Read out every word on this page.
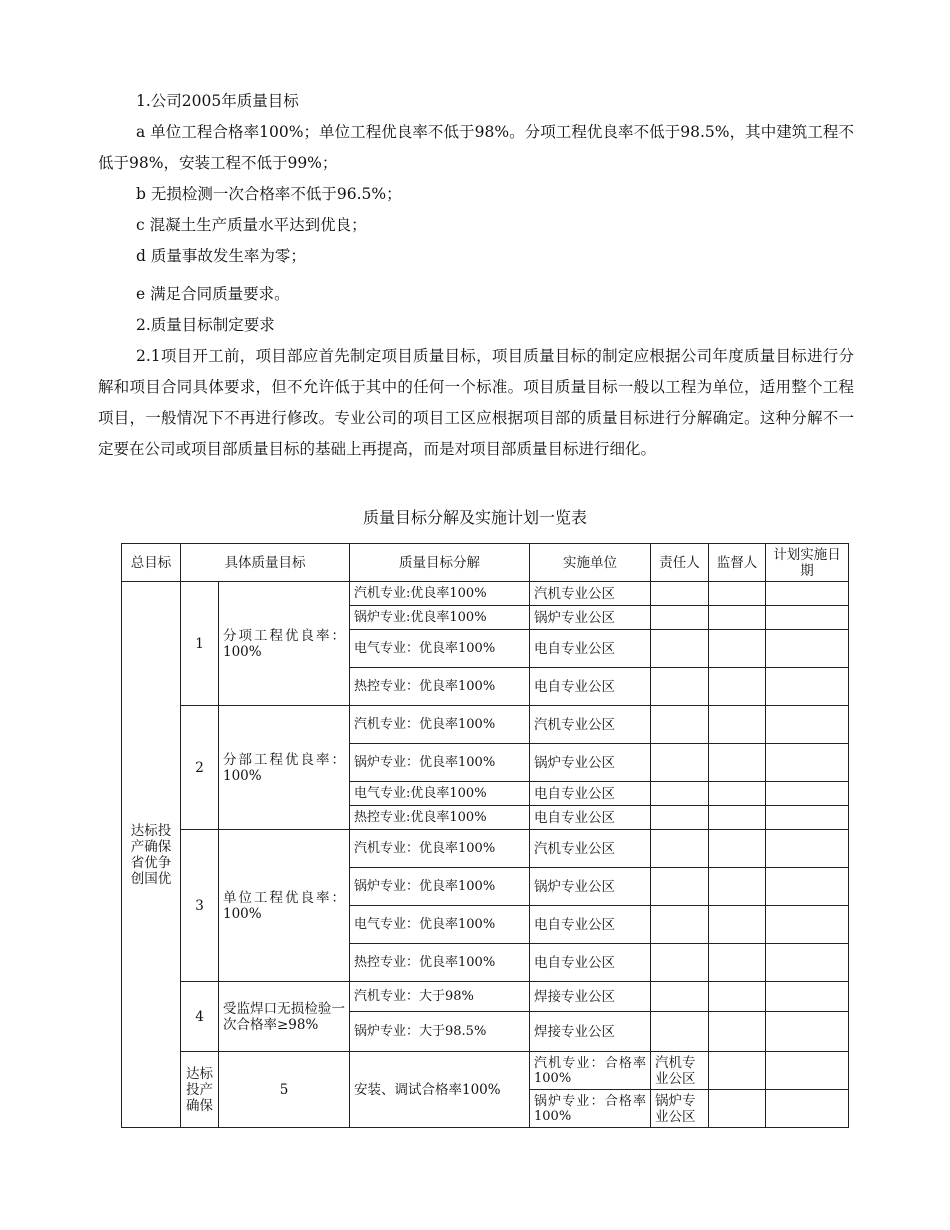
1.公司2005年质量目标

a 单位工程合格率100%；单位工程优良率不低于98%。分项工程优良率不低于98.5%，其中建筑工程不低于98%，安装工程不低于99%；

b 无损检测一次合格率不低于96.5%；

c 混凝土生产质量水平达到优良；

d 质量事故发生率为零；

e 满足合同质量要求。

2.质量目标制定要求

2.1项目开工前，项目部应首先制定项目质量目标，项目质量目标的制定应根据公司年度质量目标进行分解和项目合同具体要求，但不允许低于其中的任何一个标准。项目质量目标一般以工程为单位，适用整个工程项目，一般情况下不再进行修改。专业公司的项目工区应根据项目部的质量目标进行分解确定。这种分解不一定要在公司或项目部质量目标的基础上再提高，而是对项目部质量目标进行细化。

质量目标分解及实施计划一览表
总目标	具体质量目标		质量目标分解	实施单位	责任人	监督人	计划实施日期	
达标投产确保省优争创国优	1	分项工程优良率：100%	汽机专业:优良率100%	汽机专业公区				
			锅炉专业:优良率100%	锅炉专业公区				
			电气专业：优良率100%	电自专业公区				
			热控专业：优良率100%	电自专业公区				
	2	分部工程优良率：100%	汽机专业：优良率100%	汽机专业公区				
			锅炉专业：优良率100%	锅炉专业公区				
			电气专业:优良率100%	电自专业公区				
			热控专业:优良率100%	电自专业公区				
	3	单位工程优良率：100%	汽机专业：优良率100%	汽机专业公区				
			锅炉专业：优良率100%	锅炉专业公区				
			电气专业：优良率100%	电自专业公区				
			热控专业：优良率100%	电自专业公区				
	4	受监焊口无损检验一次合格率≥98%	汽机专业：大于98%	焊接专业公区				
			锅炉专业：大于98.5%	焊接专业公区				
	达标投产确保	5	安装、调试合格率100%	汽机专业：合格率100%	汽机专业公区			
				锅炉专业：合格率100%	锅炉专业公区			
